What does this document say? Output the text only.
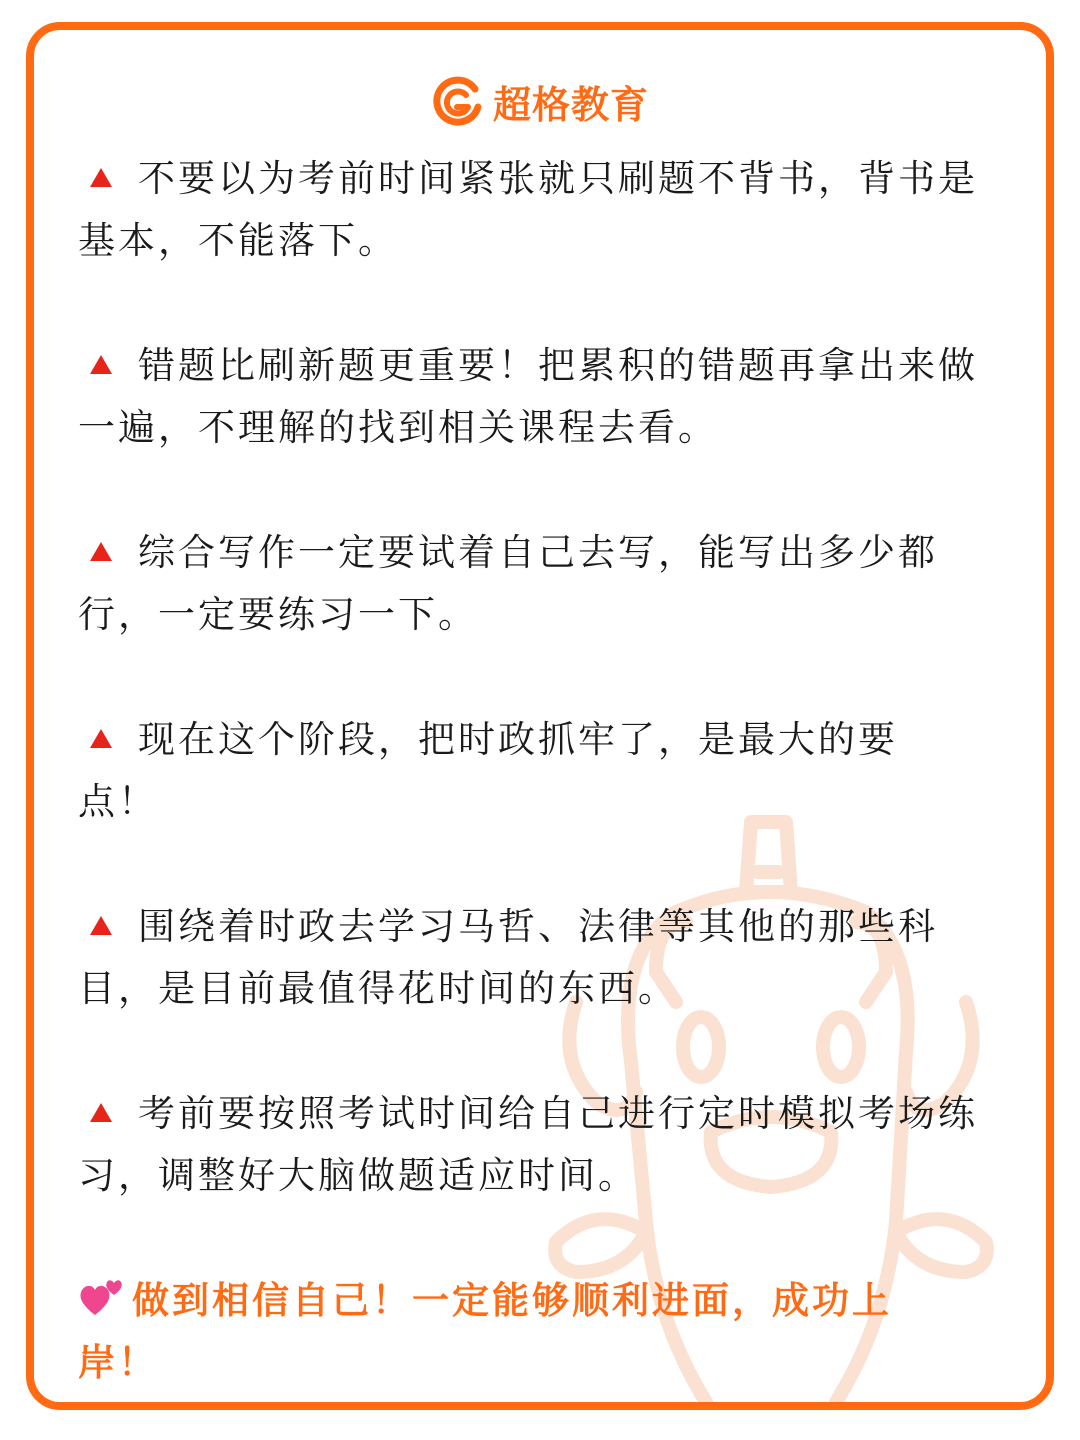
超格教育
不要以为考前时间紧张就只刷题不背书，背书是基本，不能落下。
错题比刷新题更重要！把累积的错题再拿出来做一遍，不理解的找到相关课程去看。
综合写作一定要试着自己去写，能写出多少都行，一定要练习一下。
现在这个阶段，把时政抓牢了，是最大的要点！
围绕着时政去学习马哲、法律等其他的那些科目，是目前最值得花时间的东西。
考前要按照考试时间给自己进行定时模拟考场练习，调整好大脑做题适应时间。
做到相信自己！一定能够顺利进面，成功上岸！
